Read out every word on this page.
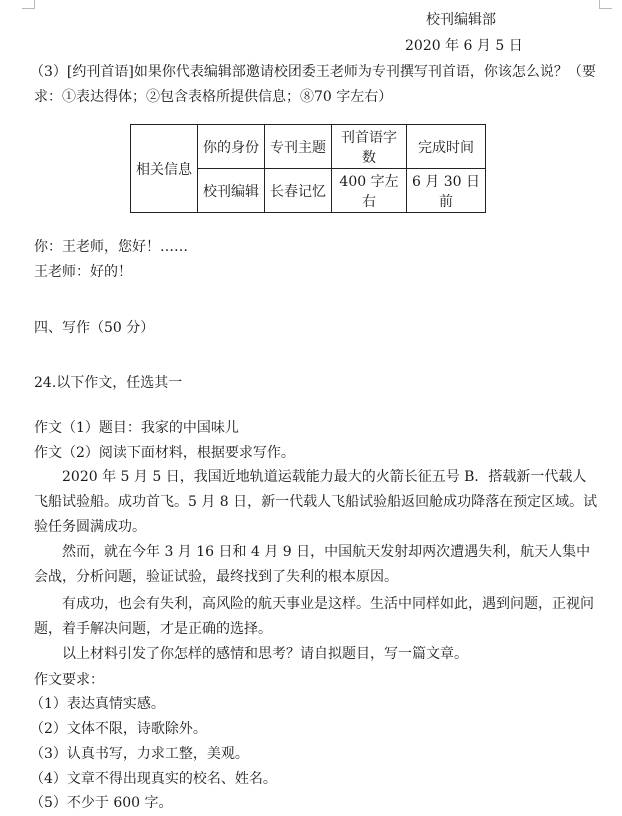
校刊编辑部
2020 年 6 月 5 日
（3）[约刊首语]如果你代表编辑部邀请校团委王老师为专刊撰写刊首语，你该怎么说？（要
求：①表达得体；②包含表格所提供信息；⑧70 字左右）
相关信息	你的身份	专刊主题	刊首语字数	完成时间
	校刊编辑	长春记忆	400 字左右	6 月 30 日前
你：王老师，您好！……
王老师：好的！
四、写作（50 分）
24.以下作文，任选其一
作文（1）题目：我家的中国味儿
作文（2）阅读下面材料，根据要求写作。
2020 年 5 月 5 日，我国近地轨道运载能力最大的火箭长征五号 B．搭载新一代载人飞船试验船。成功首飞。5 月 8 日，新一代载人飞船试验船返回舱成功降落在预定区域。试验任务圆满成功。
然而，就在今年 3 月 16 日和 4 月 9 日，中国航天发射却两次遭遇失利，航天人集中会战，分析问题，验证试验，最终找到了失利的根本原因。
有成功，也会有失利，高风险的航天事业是这样。生活中同样如此，遇到问题，正视问题，着手解决问题，才是正确的选择。
以上材料引发了你怎样的感情和思考？请自拟题目，写一篇文章。
作文要求：
（1）表达真情实感。
（2）文体不限，诗歌除外。
（3）认真书写，力求工整，美观。
（4）文章不得出现真实的校名、姓名。
（5）不少于 600 字。
